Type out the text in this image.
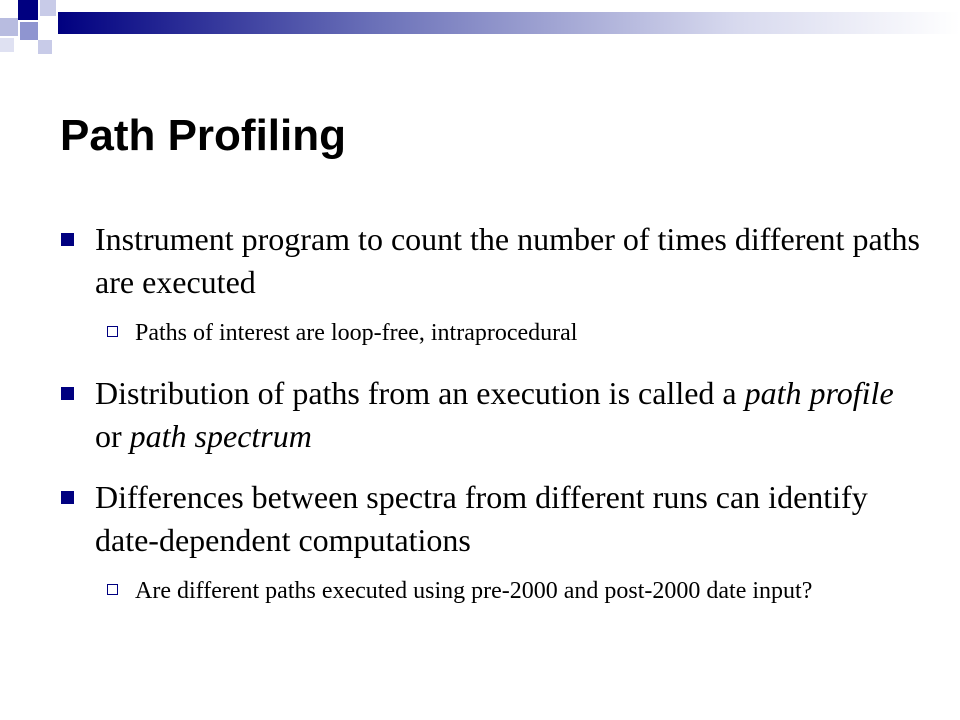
Path Profiling
Instrument program to count the number of times different paths are executed
Paths of interest are loop-free, intraprocedural
Distribution of paths from an execution is called a path profile or path spectrum
Differences between spectra from different runs can identify date-dependent computations
Are different paths executed using pre-2000 and post-2000 date input?
